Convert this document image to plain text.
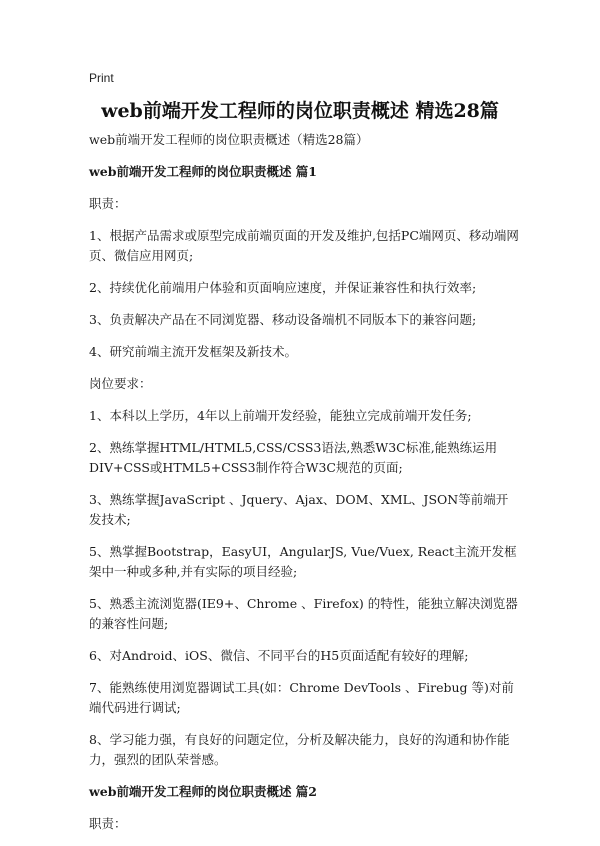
Print
web前端开发工程师的岗位职责概述 精选28篇

web前端开发工程师的岗位职责概述（精选28篇）

web前端开发工程师的岗位职责概述 篇1

职责：

1、根据产品需求或原型完成前端页面的开发及维护,包括PC端网页、移动端网页、微信应用网页;

2、持续优化前端用户体验和页面响应速度，并保证兼容性和执行效率;

3、负责解决产品在不同浏览器、移动设备端机不同版本下的兼容问题;

4、研究前端主流开发框架及新技术。

岗位要求：

1、本科以上学历，4年以上前端开发经验，能独立完成前端开发任务;

2、熟练掌握HTML/HTML5,CSS/CSS3语法,熟悉W3C标准,能熟练运用DIV+CSS或HTML5+CSS3制作符合W3C规范的页面;

3、熟练掌握JavaScript 、Jquery、Ajax、DOM、XML、JSON等前端开发技术;

5、熟掌握Bootstrap，EasyUI，AngularJS, Vue/Vuex, React主流开发框架中一种或多种,并有实际的项目经验;

5、熟悉主流浏览器(IE9+、Chrome 、Firefox) 的特性，能独立解决浏览器的兼容性问题;

6、对Android、iOS、微信、不同平台的H5页面适配有较好的理解;

7、能熟练使用浏览器调试工具(如：Chrome DevTools 、Firebug 等)对前端代码进行调试;

8、学习能力强，有良好的问题定位，分析及解决能力，良好的沟通和协作能力，强烈的团队荣誉感。

web前端开发工程师的岗位职责概述 篇2

职责：
